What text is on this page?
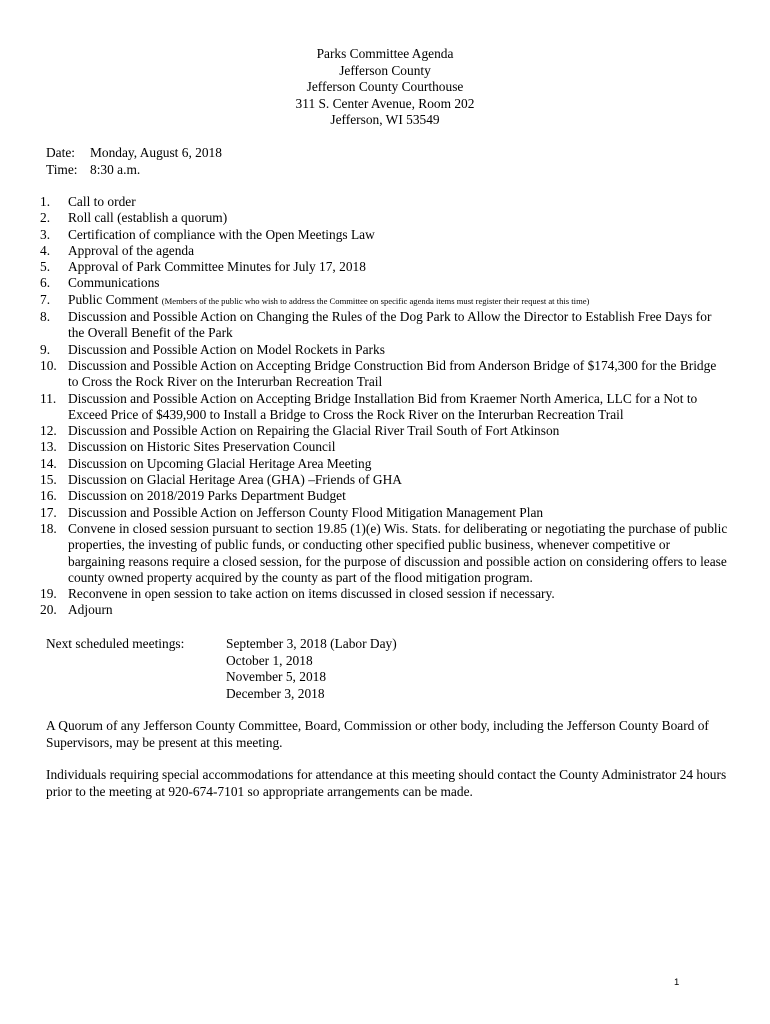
Parks Committee Agenda
Jefferson County
Jefferson County Courthouse
311 S. Center Avenue, Room 202
Jefferson, WI 53549
Date:	Monday, August 6, 2018
Time: 8:30 a.m.
1.	Call to order
2.	Roll call (establish a quorum)
3.	Certification of compliance with the Open Meetings Law
4.	Approval of the agenda
5.	Approval of Park Committee Minutes for July 17, 2018
6.	Communications
7.	Public Comment (Members of the public who wish to address the Committee on specific agenda items must register their request at this time)
8.	Discussion and Possible Action on Changing the Rules of the Dog Park to Allow the Director to Establish Free Days for the Overall Benefit of the Park
9.	Discussion and Possible Action on Model Rockets in Parks
10. Discussion and Possible Action on Accepting Bridge Construction Bid from Anderson Bridge of $174,300 for the Bridge to Cross the Rock River on the Interurban Recreation Trail
11. Discussion and Possible Action on Accepting Bridge Installation Bid from Kraemer North America, LLC for a Not to Exceed Price of $439,900 to Install a Bridge to Cross the Rock River on the Interurban Recreation Trail
12. Discussion and Possible Action on Repairing the Glacial River Trail South of Fort Atkinson
13. Discussion on Historic Sites Preservation Council
14. Discussion on Upcoming Glacial Heritage Area Meeting
15. Discussion on Glacial Heritage Area (GHA) –Friends of GHA
16. Discussion on 2018/2019 Parks Department Budget
17. Discussion and Possible Action on Jefferson County Flood Mitigation Management Plan
18. Convene in closed session pursuant to section 19.85 (1)(e) Wis. Stats. for deliberating or negotiating the purchase of public properties, the investing of public funds, or conducting other specified public business, whenever competitive or bargaining reasons require a closed session, for the purpose of discussion and possible action on considering offers to lease county owned property acquired by the county as part of the flood mitigation program.
19. Reconvene in open session to take action on items discussed in closed session if necessary.
20. Adjourn
Next scheduled meetings:	September 3, 2018 (Labor Day)
October 1, 2018
November 5, 2018
December 3, 2018
A Quorum of any Jefferson County Committee, Board, Commission or other body, including the Jefferson County Board of Supervisors, may be present at this meeting.
Individuals requiring special accommodations for attendance at this meeting should contact the County Administrator 24 hours prior to the meeting at 920-674-7101 so appropriate arrangements can be made.
1
